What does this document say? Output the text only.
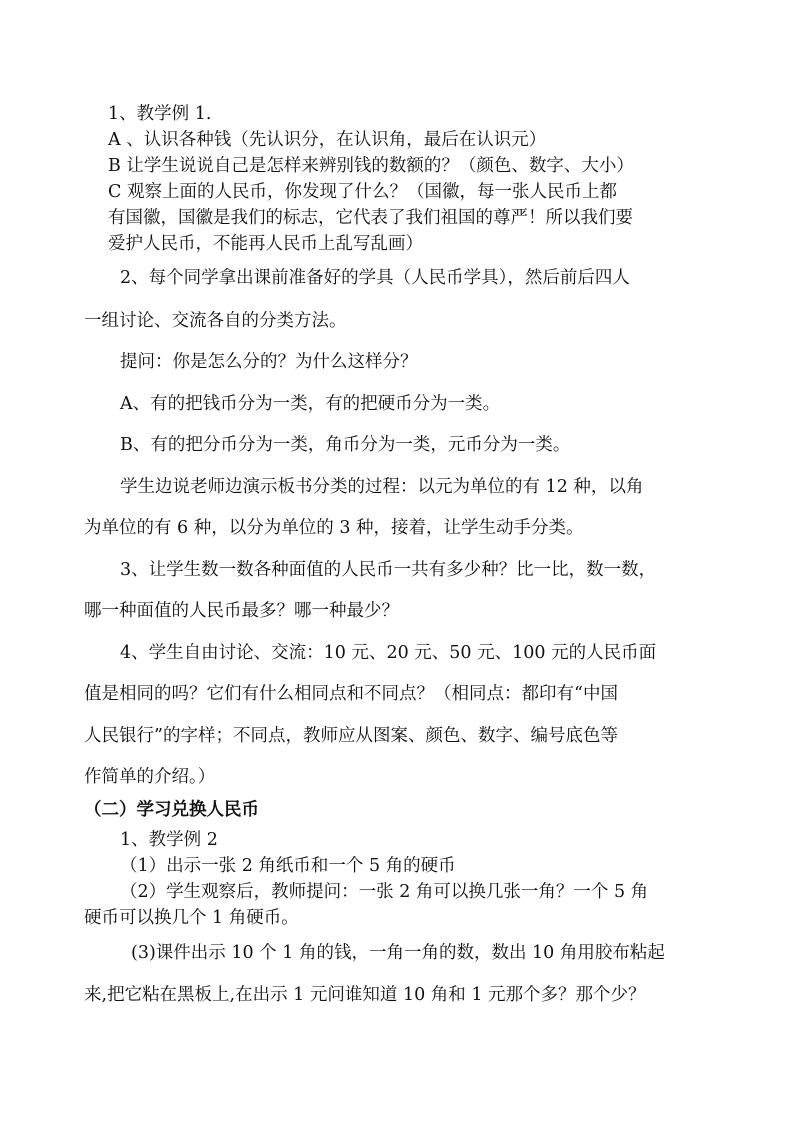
1、教学例 1.
A 、认识各种钱（先认识分，在认识角，最后在认识元）
B 让学生说说自己是怎样来辨别钱的数额的？（颜色、数字、大小）
C 观察上面的人民币，你发现了什么？（国徽，每一张人民币上都
有国徽，国徽是我们的标志，它代表了我们祖国的尊严！所以我们要
爱护人民币，不能再人民币上乱写乱画）
2、每个同学拿出课前准备好的学具（人民币学具），然后前后四人
一组讨论、交流各自的分类方法。
提问：你是怎么分的？为什么这样分？
A、有的把钱币分为一类，有的把硬币分为一类。
B、有的把分币分为一类，角币分为一类，元币分为一类。
学生边说老师边演示板书分类的过程：以元为单位的有 12 种，以角
为单位的有 6 种，以分为单位的 3 种，接着，让学生动手分类。
3、让学生数一数各种面值的人民币一共有多少种？比一比，数一数，
哪一种面值的人民币最多？哪一种最少？
4、学生自由讨论、交流：10 元、20 元、50 元、100 元的人民币面
值是相同的吗？它们有什么相同点和不同点？（相同点：都印有“中国
人民银行”的字样；不同点，教师应从图案、颜色、数字、编号底色等
作简单的介绍。）
（二）学习兑换人民币
1、教学例 2
（1）出示一张 2 角纸币和一个 5 角的硬币
（2）学生观察后，教师提问：一张 2 角可以换几张一角？一个 5 角
硬币可以换几个 1 角硬币。
(3)课件出示 10 个 1 角的钱，一角一角的数，数出 10 角用胶布粘起
来,把它粘在黑板上,在出示 1 元问谁知道 10 角和 1 元那个多？那个少？
